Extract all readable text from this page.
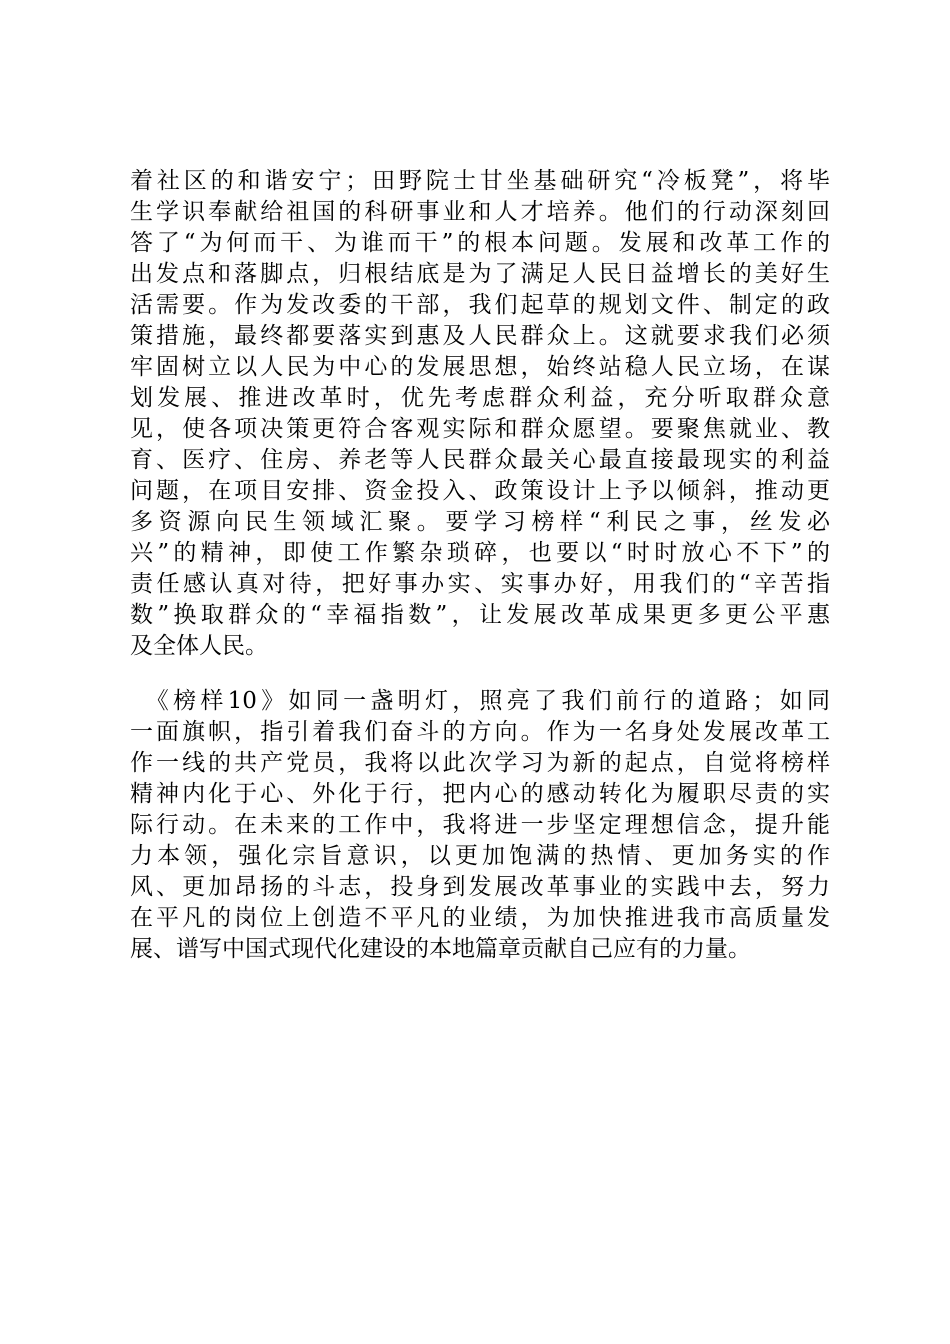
着社区的和谐安宁；田野院士甘坐基础研究“冷板凳”，将毕
生学识奉献给祖国的科研事业和人才培养。他们的行动深刻回
答了“为何而干、为谁而干”的根本问题。发展和改革工作的
出发点和落脚点，归根结底是为了满足人民日益增长的美好生
活需要。作为发改委的干部，我们起草的规划文件、制定的政
策措施，最终都要落实到惠及人民群众上。这就要求我们必须
牢固树立以人民为中心的发展思想，始终站稳人民立场，在谋
划发展、推进改革时，优先考虑群众利益，充分听取群众意
见，使各项决策更符合客观实际和群众愿望。要聚焦就业、教
育、医疗、住房、养老等人民群众最关心最直接最现实的利益
问题，在项目安排、资金投入、政策设计上予以倾斜，推动更
多资源向民生领域汇聚。要学习榜样“利民之事，丝发必
兴”的精神，即使工作繁杂琐碎，也要以“时时放心不下”的
责任感认真对待，把好事办实、实事办好，用我们的“辛苦指
数”换取群众的“幸福指数”，让发展改革成果更多更公平惠
及全体人民。
　《榜样10》如同一盏明灯，照亮了我们前行的道路；如同
一面旗帜，指引着我们奋斗的方向。作为一名身处发展改革工
作一线的共产党员，我将以此次学习为新的起点，自觉将榜样
精神内化于心、外化于行，把内心的感动转化为履职尽责的实
际行动。在未来的工作中，我将进一步坚定理想信念，提升能
力本领，强化宗旨意识，以更加饱满的热情、更加务实的作
风、更加昂扬的斗志，投身到发展改革事业的实践中去，努力
在平凡的岗位上创造不平凡的业绩，为加快推进我市高质量发
展、谱写中国式现代化建设的本地篇章贡献自己应有的力量。
